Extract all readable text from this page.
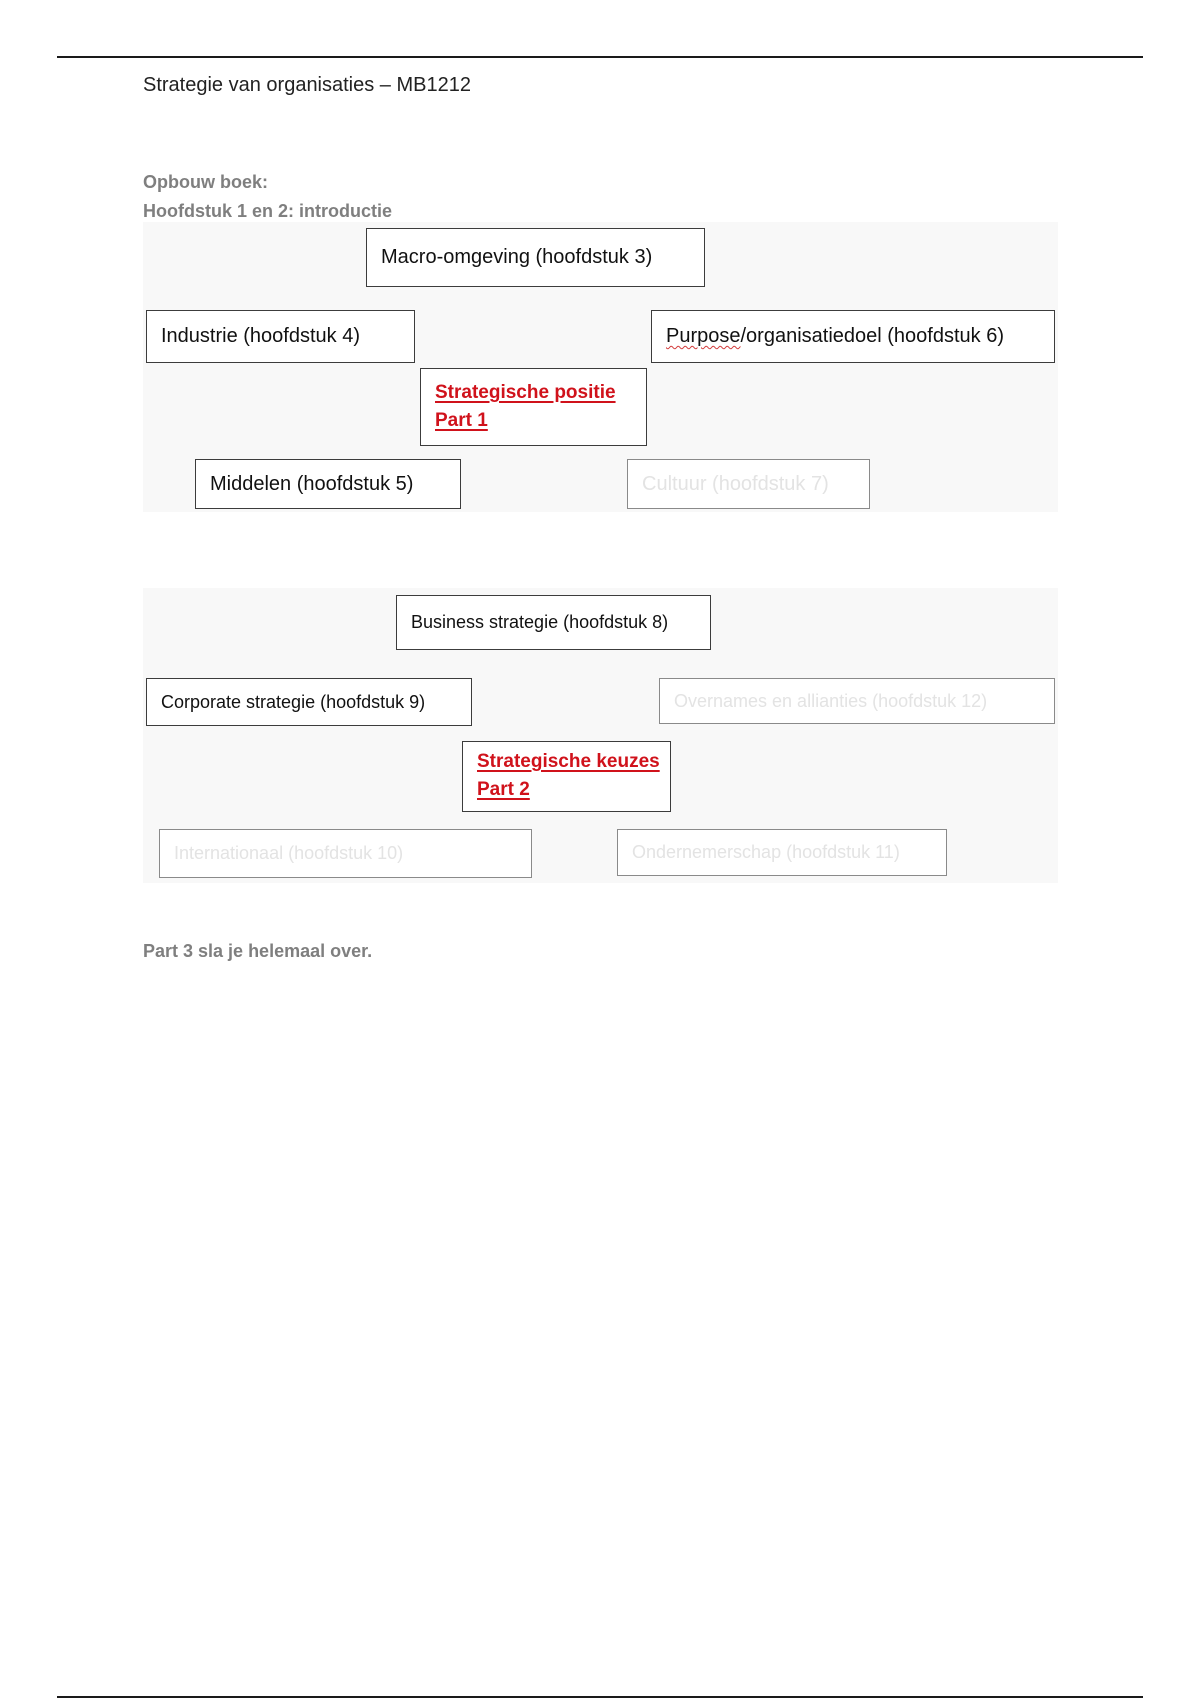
Strategie van organisaties – MB1212
Opbouw boek:
Hoofdstuk 1 en 2: introductie
Macro-omgeving (hoofdstuk 3)
Industrie (hoofdstuk 4)	Purpose /organisatiedoel (hoofdstuk 6)
Strategische positie
Part 1
Middelen (hoofdstuk 5)	Cultuur (hoofdstuk 7)
Business strategie (hoofdstuk 8)
Corporate strategie (hoofdstuk 9)	Overnames en allianties (hoofdstuk 12)
Strategische keuzes
Part 2
Internationaal (hoofdstuk 10)	Ondernemerschap (hoofdstuk 11)
Part 3 sla je helemaal over.
